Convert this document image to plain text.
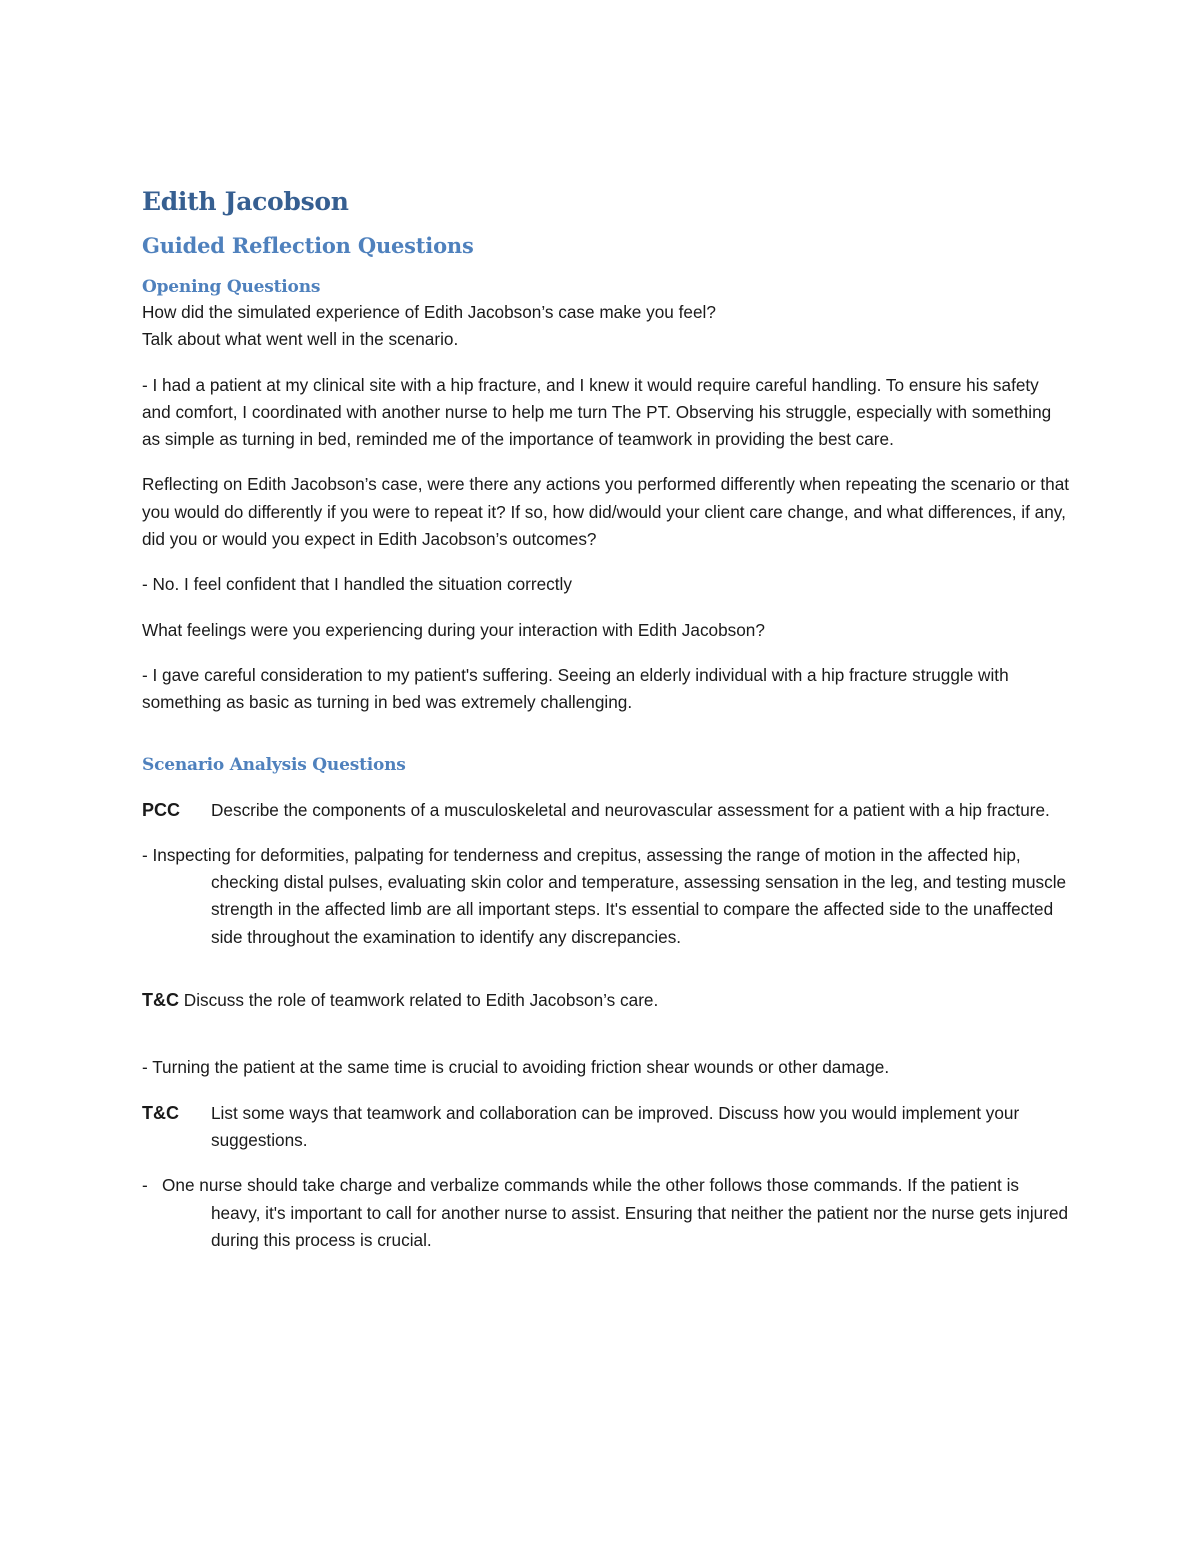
Edith Jacobson
Guided Reflection Questions
Opening Questions

How did the simulated experience of Edith Jacobson’s case make you feel?

Talk about what went well in the scenario.

- I had a patient at my clinical site with a hip fracture, and I knew it would require careful handling. To ensure his safety and comfort, I coordinated with another nurse to help me turn The PT. Observing his struggle, especially with something as simple as turning in bed, reminded me of the importance of teamwork in providing the best care.

Reflecting on Edith Jacobson’s case, were there any actions you performed differently when repeating the scenario or that you would do differently if you were to repeat it? If so, how did/would your client care change, and what differences, if any, did you or would you expect in Edith Jacobson’s outcomes?

- No. I feel confident that I handled the situation correctly

What feelings were you experiencing during your interaction with Edith Jacobson?

- I gave careful consideration to my patient's suffering. Seeing an elderly individual with a hip fracture struggle with something as basic as turning in bed was extremely challenging.

Scenario Analysis Questions
PCC Describe the components of a musculoskeletal and neurovascular assessment for a patient with a hip fracture.

- Inspecting for deformities, palpating for tenderness and crepitus, assessing the range of motion in the affected hip, checking distal pulses, evaluating skin color and temperature, assessing sensation in the leg, and testing muscle strength in the affected limb are all important steps. It's essential to compare the affected side to the unaffected side throughout the examination to identify any discrepancies.

T&C Discuss the role of teamwork related to Edith Jacobson’s care.

- Turning the patient at the same time is crucial to avoiding friction shear wounds or other damage.

T&C List some ways that teamwork and collaboration can be improved. Discuss how you would implement your suggestions.

-   One nurse should take charge and verbalize commands while the other follows those commands. If the patient is heavy, it's important to call for another nurse to assist. Ensuring that neither the patient nor the nurse gets injured during this process is crucial.
